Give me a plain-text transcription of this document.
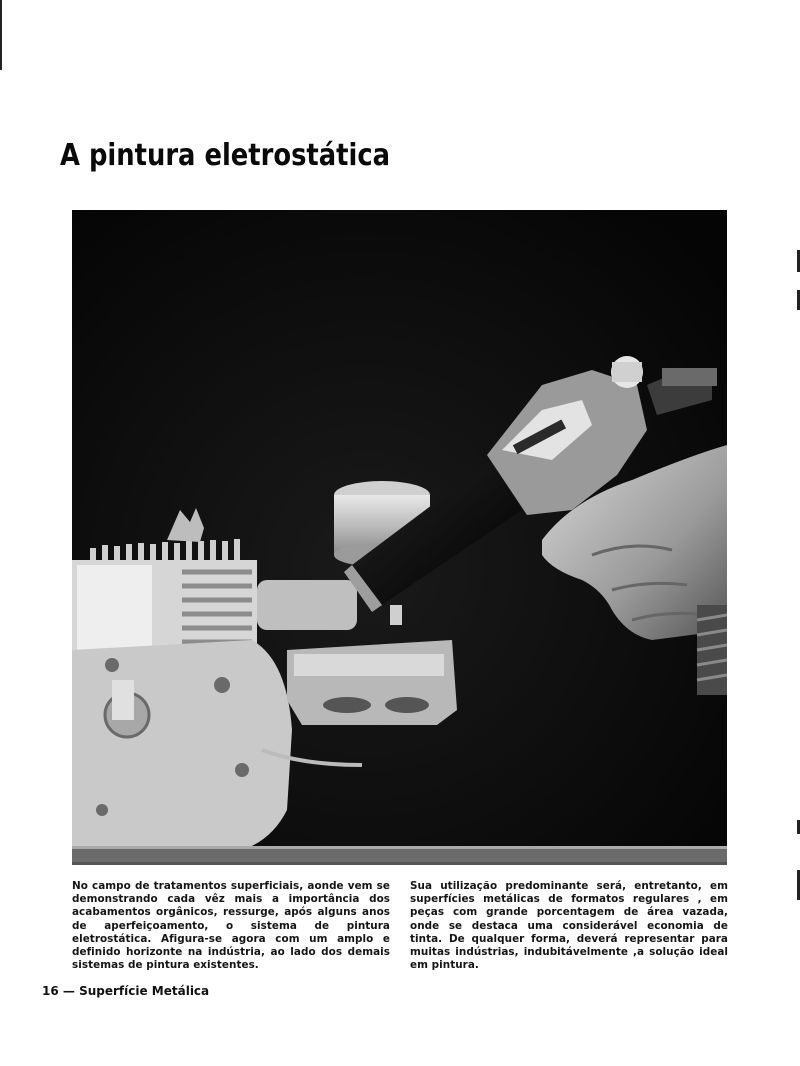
A pintura eletrostática

No campo de tratamentos superficiais, aonde vem se demonstrando cada vêz mais a importância dos acabamentos orgânicos, ressurge, após alguns anos de aperfeiçoamento, o sistema de pintura eletrostática. Afigura-se agora com um amplo e definido horizonte na indústria, ao lado dos demais sistemas de pintura existentes.

Sua utilização predominante será, entretanto, em superfícies metálicas de formatos regulares , em peças com grande porcentagem de área vazada, onde se destaca uma considerável economia de tinta. De qualquer forma, deverá representar para muitas indústrias, indubitávelmente ,a solução ideal em pintura.

16 — Superfície Metálica
